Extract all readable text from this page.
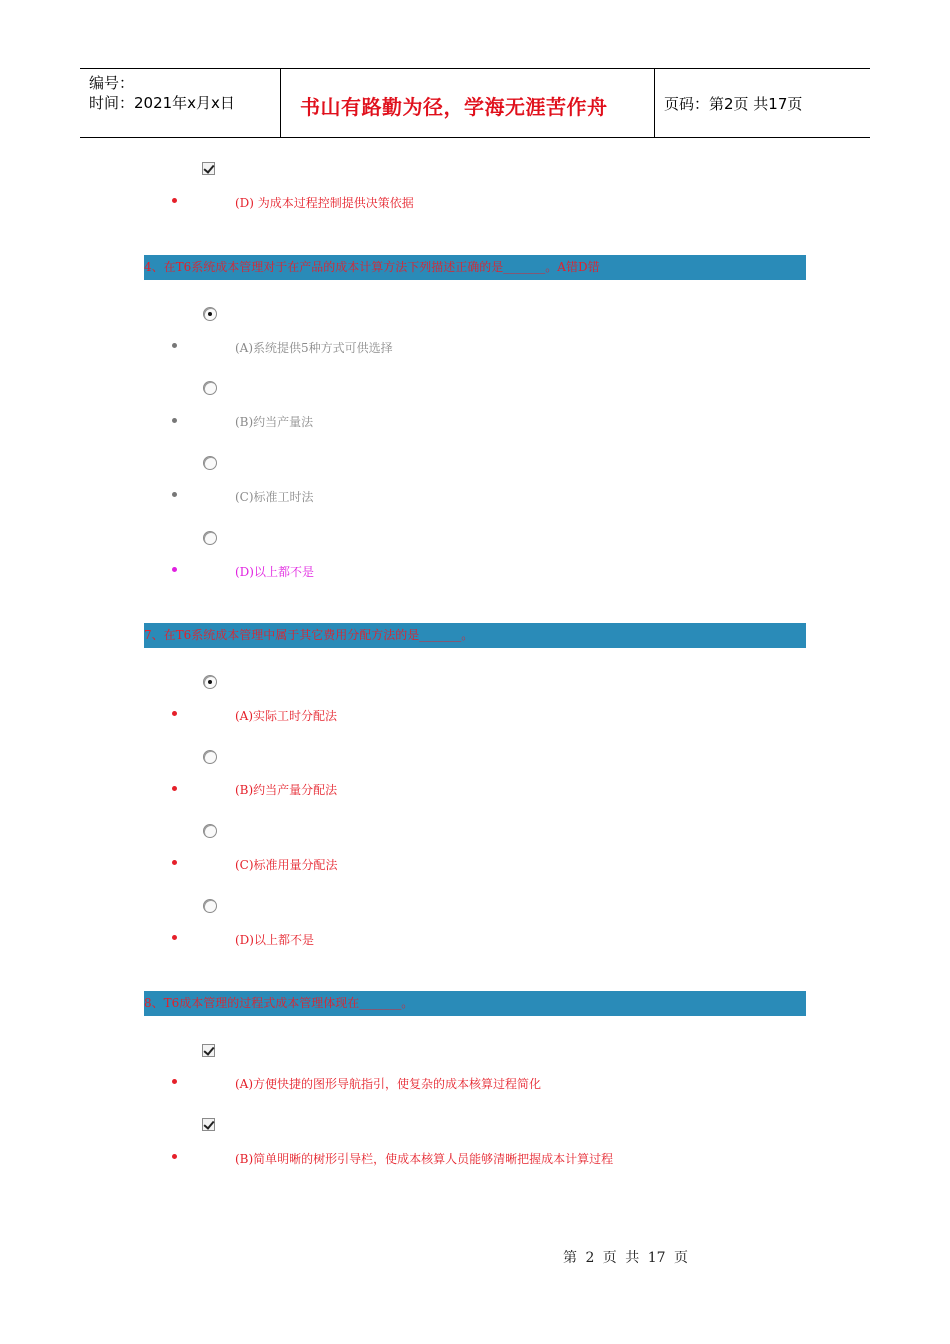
编号：
时间：2021年x月x日	书山有路勤为径，学海无涯苦作舟	页码：第2页 共17页
(D) 为成本过程控制提供决策依据
4、在T6系统成本管理对于在产品的成本计算方法下列描述正确的是_______。A错D错
(A)系统提供5种方式可供选择
(B)约当产量法
(C)标准工时法
(D)以上都不是
7、在T6系统成本管理中属于其它费用分配方法的是_______。
(A)实际工时分配法
(B)约当产量分配法
(C)标准用量分配法
(D)以上都不是
8、T6成本管理的过程式成本管理体现在_______。
(A)方便快捷的图形导航指引，使复杂的成本核算过程简化
(B)简单明晰的树形引导栏，使成本核算人员能够清晰把握成本计算过程
第 2 页 共 17 页
